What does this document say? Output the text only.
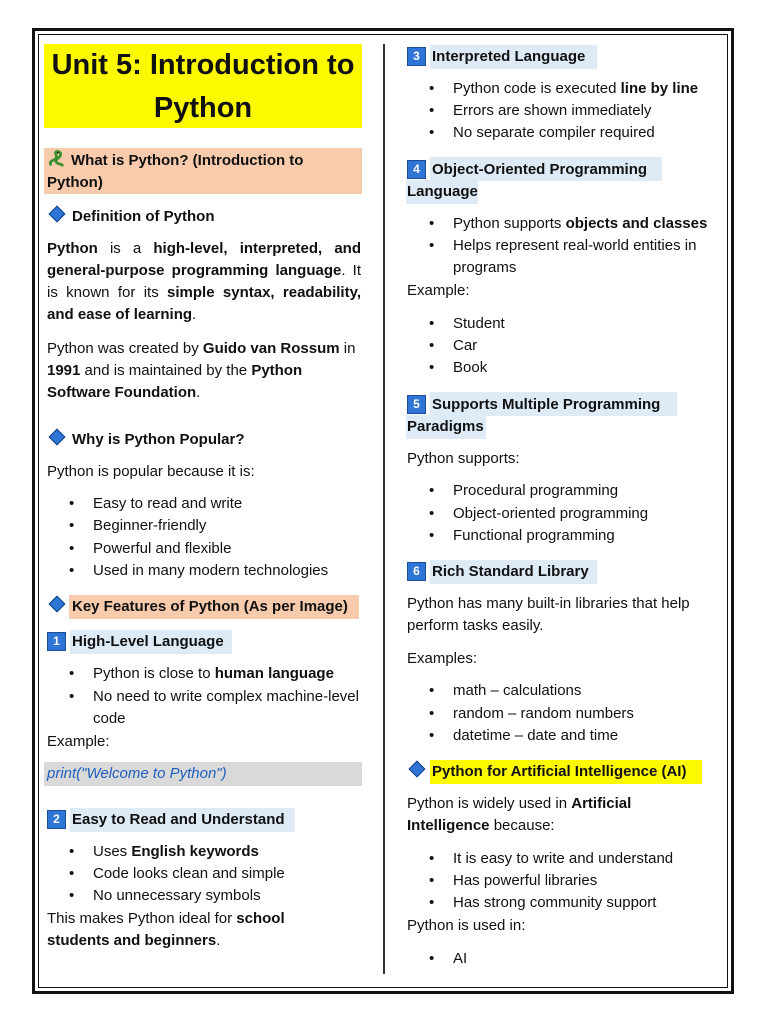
Unit 5: Introduction to Python
What is Python? (Introduction to Python)
Definition of Python
Python is a high-level, interpreted, and general-purpose programming language. It is known for its simple syntax, readability, and ease of learning.
Python was created by Guido van Rossum in 1991 and is maintained by the Python Software Foundation.
Why is Python Popular?
Python is popular because it is:
• Easy to read and write
• Beginner-friendly
• Powerful and flexible
• Used in many modern technologies
Key Features of Python (As per Image)
1 High-Level Language
• Python is close to human language
• No need to write complex machine-level code
Example:
print("Welcome to Python")
2 Easy to Read and Understand
• Uses English keywords
• Code looks clean and simple
• No unnecessary symbols
This makes Python ideal for school students and beginners.
3 Interpreted Language
• Python code is executed line by line
• Errors are shown immediately
• No separate compiler required
4 Object-Oriented Programming
Language
• Python supports objects and classes
• Helps represent real-world entities in programs
Example:
• Student
• Car
• Book
5 Supports Multiple Programming
Paradigms
Python supports:
• Procedural programming
• Object-oriented programming
• Functional programming
6 Rich Standard Library
Python has many built-in libraries that help perform tasks easily.
Examples:
• math – calculations
• random – random numbers
• datetime – date and time
Python for Artificial Intelligence (AI)
Python is widely used in Artificial Intelligence because:
• It is easy to write and understand
• Has powerful libraries
• Has strong community support
Python is used in:
• AI
